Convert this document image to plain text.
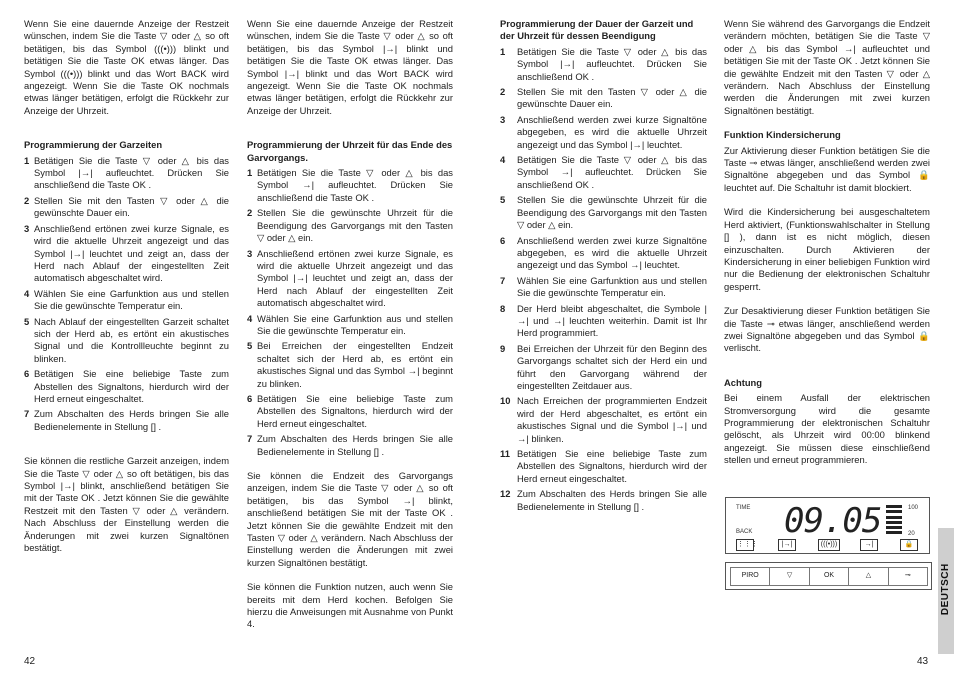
Wenn Sie eine dauernde Anzeige der Restzeit wünschen, indem Sie die Taste ▽ oder △ so oft betätigen, bis das Symbol (((•))) blinkt und betätigen Sie die Taste OK etwas länger. Das Symbol (((•))) blinkt und das Wort BACK wird angezeigt. Wenn Sie die Taste OK nochmals etwas länger betätigen, erfolgt die Rückkehr zur Anzeige der Uhrzeit.

Programmierung der Garzeiten
1 Betätigen Sie die Taste ▽ oder △ bis das Symbol |→| aufleuchtet. Drücken Sie anschließend die Taste OK .
2 Stellen Sie mit den Tasten ▽ oder △ die gewünschte Dauer ein.
3 Anschließend ertönen zwei kurze Signale, es wird die aktuelle Uhrzeit angezeigt und das Symbol |→| leuchtet und zeigt an, dass der Herd nach Ablauf der eingestellten Zeit automatisch abgeschaltet wird.
4 Wählen Sie eine Garfunktion aus und stellen Sie die gewünschte Temperatur ein.
5 Nach Ablauf der eingestellten Garzeit schaltet sich der Herd ab, es ertönt ein akustisches Signal und die Kontrollleuchte beginnt zu blinken.
6 Betätigen Sie eine beliebige Taste zum Abstellen des Signaltons, hierdurch wird der Herd erneut eingeschaltet.
7 Zum Abschalten des Herds bringen Sie alle Bedienelemente in Stellung [] .

Sie können die restliche Garzeit anzeigen, indem Sie die Taste ▽ oder △ so oft betätigen, bis das Symbol |→| blinkt, anschließend betätigen Sie mit der Taste OK . Jetzt können Sie die gewählte Restzeit mit den Tasten ▽ oder △ verändern. Nach Abschluss der Einstellung werden die Änderungen mit zwei kurzen Signaltönen bestätigt.

Wenn Sie eine dauernde Anzeige der Restzeit wünschen, indem Sie die Taste ▽ oder △ so oft betätigen, bis das Symbol |→| blinkt und betätigen Sie die Taste OK etwas länger. Das Symbol |→| blinkt und das Wort BACK wird angezeigt. Wenn Sie die Taste OK nochmals etwas länger betätigen, erfolgt die Rückkehr zur Anzeige der Uhrzeit.

Programmierung der Uhrzeit für das Ende des Garvorgangs.
1 Betätigen Sie die Taste ▽ oder △ bis das Symbol →| aufleuchtet. Drücken Sie anschließend die Taste OK .
2 Stellen Sie die gewünschte Uhrzeit für die Beendigung des Garvorgangs mit den Tasten ▽ oder △ ein.
3 Anschließend ertönen zwei kurze Signale, es wird die aktuelle Uhrzeit angezeigt und das Symbol |→| leuchtet und zeigt an, dass der Herd nach Ablauf der eingestellten Zeit automatisch abgeschaltet wird.
4 Wählen Sie eine Garfunktion aus und stellen Sie die gewünschte Temperatur ein.
5 Bei Erreichen der eingestellten Endzeit schaltet sich der Herd ab, es ertönt ein akustisches Signal und das Symbol →| beginnt zu blinken.
6 Betätigen Sie eine beliebige Taste zum Abstellen des Signaltons, hierdurch wird der Herd erneut eingeschaltet.
7 Zum Abschalten des Herds bringen Sie alle Bedienelemente in Stellung [] .

Sie können die Endzeit des Garvorgangs anzeigen, indem Sie die Taste ▽ oder △ so oft betätigen, bis das Symbol →| blinkt, anschließend betätigen Sie mit der Taste OK . Jetzt können Sie die gewählte Endzeit mit den Tasten ▽ oder △ verändern. Nach Abschluss der Einstellung werden die Änderungen mit zwei kurzen Signaltönen bestätigt.

Sie können die Funktion nutzen, auch wenn Sie bereits mit dem Herd kochen. Befolgen Sie hierzu die Anweisungen mit Ausnahme von Punkt 4.

Programmierung der Dauer der Garzeit und der Uhrzeit für dessen Beendigung
1 Betätigen Sie die Taste ▽ oder △ bis das Symbol |→| aufleuchtet. Drücken Sie anschließend OK .
2 Stellen Sie mit den Tasten ▽ oder △ die gewünschte Dauer ein.
3 Anschließend werden zwei kurze Signaltöne abgegeben, es wird die aktuelle Uhrzeit angezeigt und das Symbol |→| leuchtet.
4 Betätigen Sie die Taste ▽ oder △ bis das Symbol →| aufleuchtet. Drücken Sie anschließend OK .
5 Stellen Sie die gewünschte Uhrzeit für die Beendigung des Garvorgangs mit den Tasten ▽ oder △ ein.
6 Anschließend werden zwei kurze Signaltöne abgegeben, es wird die aktuelle Uhrzeit angezeigt und das Symbol →| leuchtet.
7 Wählen Sie eine Garfunktion aus und stellen Sie die gewünschte Temperatur ein.
8 Der Herd bleibt abgeschaltet, die Symbole |→| und →| leuchten weiterhin. Damit ist Ihr Herd programmiert.
9 Bei Erreichen der Uhrzeit für den Beginn des Garvorgangs schaltet sich der Herd ein und führt den Garvorgang während der eingestellten Zeitdauer aus.
10 Nach Erreichen der programmierten Endzeit wird der Herd abgeschaltet, es ertönt ein akustisches Signal und die Symbol |→| und →| blinken.
11 Betätigen Sie eine beliebige Taste zum Abstellen des Signaltons, hierdurch wird der Herd erneut eingeschaltet.
12 Zum Abschalten des Herds bringen Sie alle Bedienelemente in Stellung [] .

Wenn Sie während des Garvorgangs die Endzeit verändern möchten, betätigen Sie die Taste ▽ oder △ bis das Symbol →| aufleuchtet und betätigen Sie mit der Taste OK . Jetzt können Sie die gewählte Endzeit mit den Tasten ▽ oder △ verändern. Nach Abschluss der Einstellung werden die Änderungen mit zwei kurzen Signaltönen bestätigt.

Funktion Kindersicherung

Zur Aktivierung dieser Funktion betätigen Sie die Taste ⊸ etwas länger, anschließend werden zwei Signaltöne abgegeben und das Symbol 🔒 leuchtet auf. Die Schaltuhr ist damit blockiert.

Wird die Kindersicherung bei ausgeschaltetem Herd aktiviert, (Funktionswahlschalter in Stellung [] ), dann ist es nicht möglich, diesen einzuschalten. Durch Aktivieren der Kindersicherung in einer beliebigen Funktion wird nur die Bedienung der elektronischen Schaltuhr gesperrt.

Zur Desaktivierung dieser Funktion betätigen Sie die Taste ⊸ etwas länger, anschließend werden zwei Signaltöne abgegeben und das Symbol 🔒 verlischt.

Achtung

Bei einem Ausfall der elektrischen Stromversorgung wird die gesamte Programmierung der elektronischen Schaltuhr gelöscht, als Uhrzeit wird 00:00 blinkend angezeigt. Sie müssen diese einschließend stellen und erneut programmieren.

TIME
BACK 09.05	100
20
⋮⋮⋮	|→|	(((•)))	→|	🔒
PIRO	▽	OK	△	⊸	DEUTSCH
42	43
